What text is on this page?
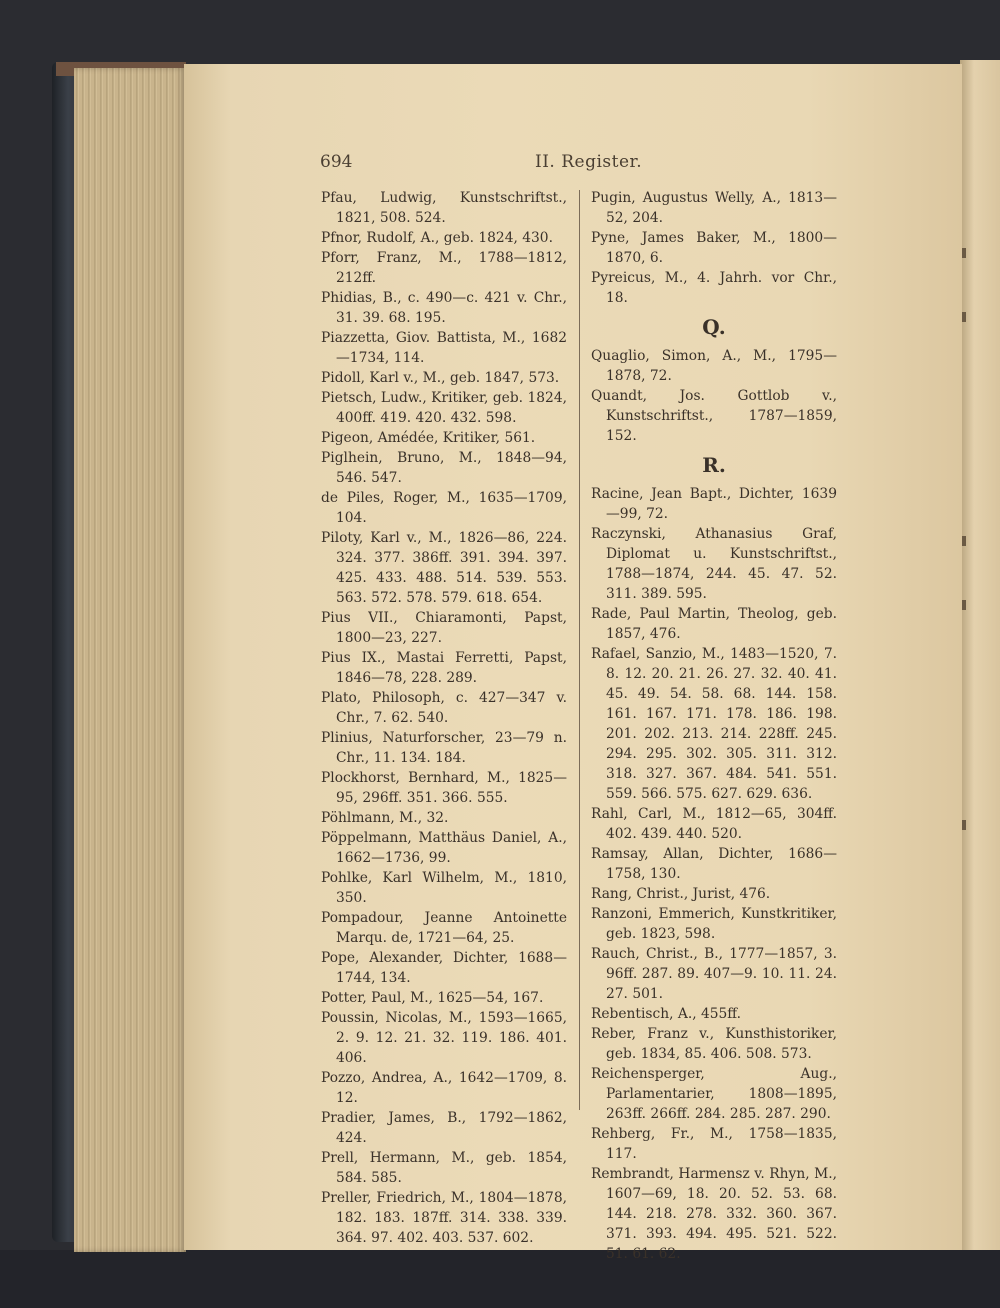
694	II. Register.

Pfau, Ludwig, Kunstschriftst., 1821, 508. 524.

Pfnor, Rudolf, A., geb. 1824, 430.

Pforr, Franz, M., 1788—1812, 212ff.

Phidias, B., c. 490—c. 421 v. Chr., 31. 39. 68. 195.

Piazzetta, Giov. Battista, M., 1682—1734, 114.

Pidoll, Karl v., M., geb. 1847, 573.

Pietsch, Ludw., Kritiker, geb. 1824, 400ff. 419. 420. 432. 598.

Pigeon, Amédée, Kritiker, 561.

Piglhein, Bruno, M., 1848—94, 546. 547.

de Piles, Roger, M., 1635—1709, 104.

Piloty, Karl v., M., 1826—86, 224. 324. 377. 386ff. 391. 394. 397. 425. 433. 488. 514. 539. 553. 563. 572. 578. 579. 618. 654.

Pius VII., Chiaramonti, Papst, 1800—23, 227.

Pius IX., Mastai Ferretti, Papst, 1846—78, 228. 289.

Plato, Philosoph, c. 427—347 v. Chr., 7. 62. 540.

Plinius, Naturforscher, 23—79 n. Chr., 11. 134. 184.

Plockhorst, Bernhard, M., 1825—95, 296ff. 351. 366. 555.

Pöhlmann, M., 32.

Pöppelmann, Matthäus Daniel, A., 1662—1736, 99.

Pohlke, Karl Wilhelm, M., 1810, 350.

Pompadour, Jeanne Antoinette Marqu. de, 1721—64, 25.

Pope, Alexander, Dichter, 1688—1744, 134.

Potter, Paul, M., 1625—54, 167.

Poussin, Nicolas, M., 1593—1665, 2. 9. 12. 21. 32. 119. 186. 401. 406.

Pozzo, Andrea, A., 1642—1709, 8. 12.

Pradier, James, B., 1792—1862, 424.

Prell, Hermann, M., geb. 1854, 584. 585.

Preller, Friedrich, M., 1804—1878, 182. 183. 187ff. 314. 338. 339. 364. 97. 402. 403. 537. 602.

Pugin, Augustus Welly, A., 1813—52, 204.

Pyne, James Baker, M., 1800—1870, 6.

Pyreicus, M., 4. Jahrh. vor Chr., 18.

Q.

Quaglio, Simon, A., M., 1795—1878, 72.

Quandt, Jos. Gottlob v., Kunstschriftst., 1787—1859, 152.

R.

Racine, Jean Bapt., Dichter, 1639—99, 72.

Raczynski, Athanasius Graf, Diplomat u. Kunstschriftst., 1788—1874, 244. 45. 47. 52. 311. 389. 595.

Rade, Paul Martin, Theolog, geb. 1857, 476.

Rafael, Sanzio, M., 1483—1520, 7. 8. 12. 20. 21. 26. 27. 32. 40. 41. 45. 49. 54. 58. 68. 144. 158. 161. 167. 171. 178. 186. 198. 201. 202. 213. 214. 228ff. 245. 294. 295. 302. 305. 311. 312. 318. 327. 367. 484. 541. 551. 559. 566. 575. 627. 629. 636.

Rahl, Carl, M., 1812—65, 304ff. 402. 439. 440. 520.

Ramsay, Allan, Dichter, 1686—1758, 130.

Rang, Christ., Jurist, 476.

Ranzoni, Emmerich, Kunstkritiker, geb. 1823, 598.

Rauch, Christ., B., 1777—1857, 3. 96ff. 287. 89. 407—9. 10. 11. 24. 27. 501.

Rebentisch, A., 455ff.

Reber, Franz v., Kunsthistoriker, geb. 1834, 85. 406. 508. 573.

Reichensperger, Aug., Parlamentarier, 1808—1895, 263ff. 266ff. 284. 285. 287. 290.

Rehberg, Fr., M., 1758—1835, 117.

Rembrandt, Harmensz v. Rhyn, M., 1607—69, 18. 20. 52. 53. 68. 144. 218. 278. 332. 360. 367. 371. 393. 494. 495. 521. 522. 51. 61. 62.
